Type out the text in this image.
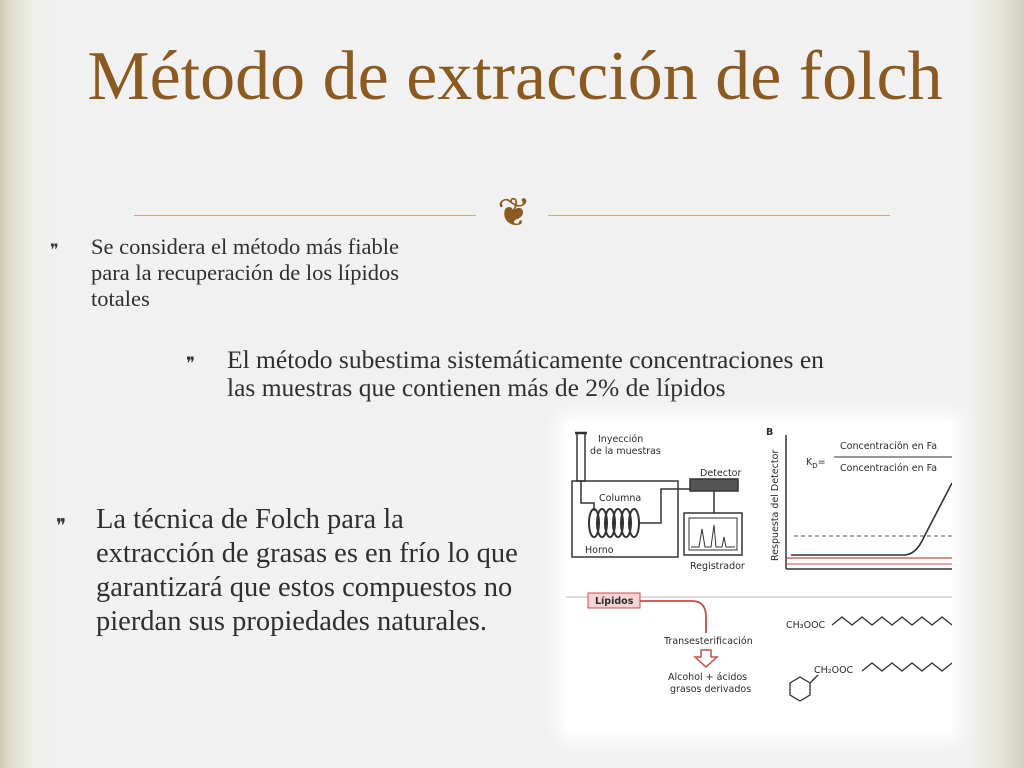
Método de extracción de folch
❦
❞ Se considera el método más fiable para la recuperación de los lípidos totales
❞ El método subestima sistemáticamente concentraciones en las muestras que contienen más de 2% de lípidos
❞ La técnica de Folch para la extracción de grasas es en frío lo que garantizará que estos compuestos no pierdan sus propiedades naturales.
Inyección
de la muestras
Detector
Columna
Horno
Registrador
B
Respuesta del Detector	$K_D=$
Concentración en Fa
Concentración en Fa
Lípidos
Transesterificación
Alcohol + ácidos
grasos derivados
CH₃OOC
CH₂OOC
